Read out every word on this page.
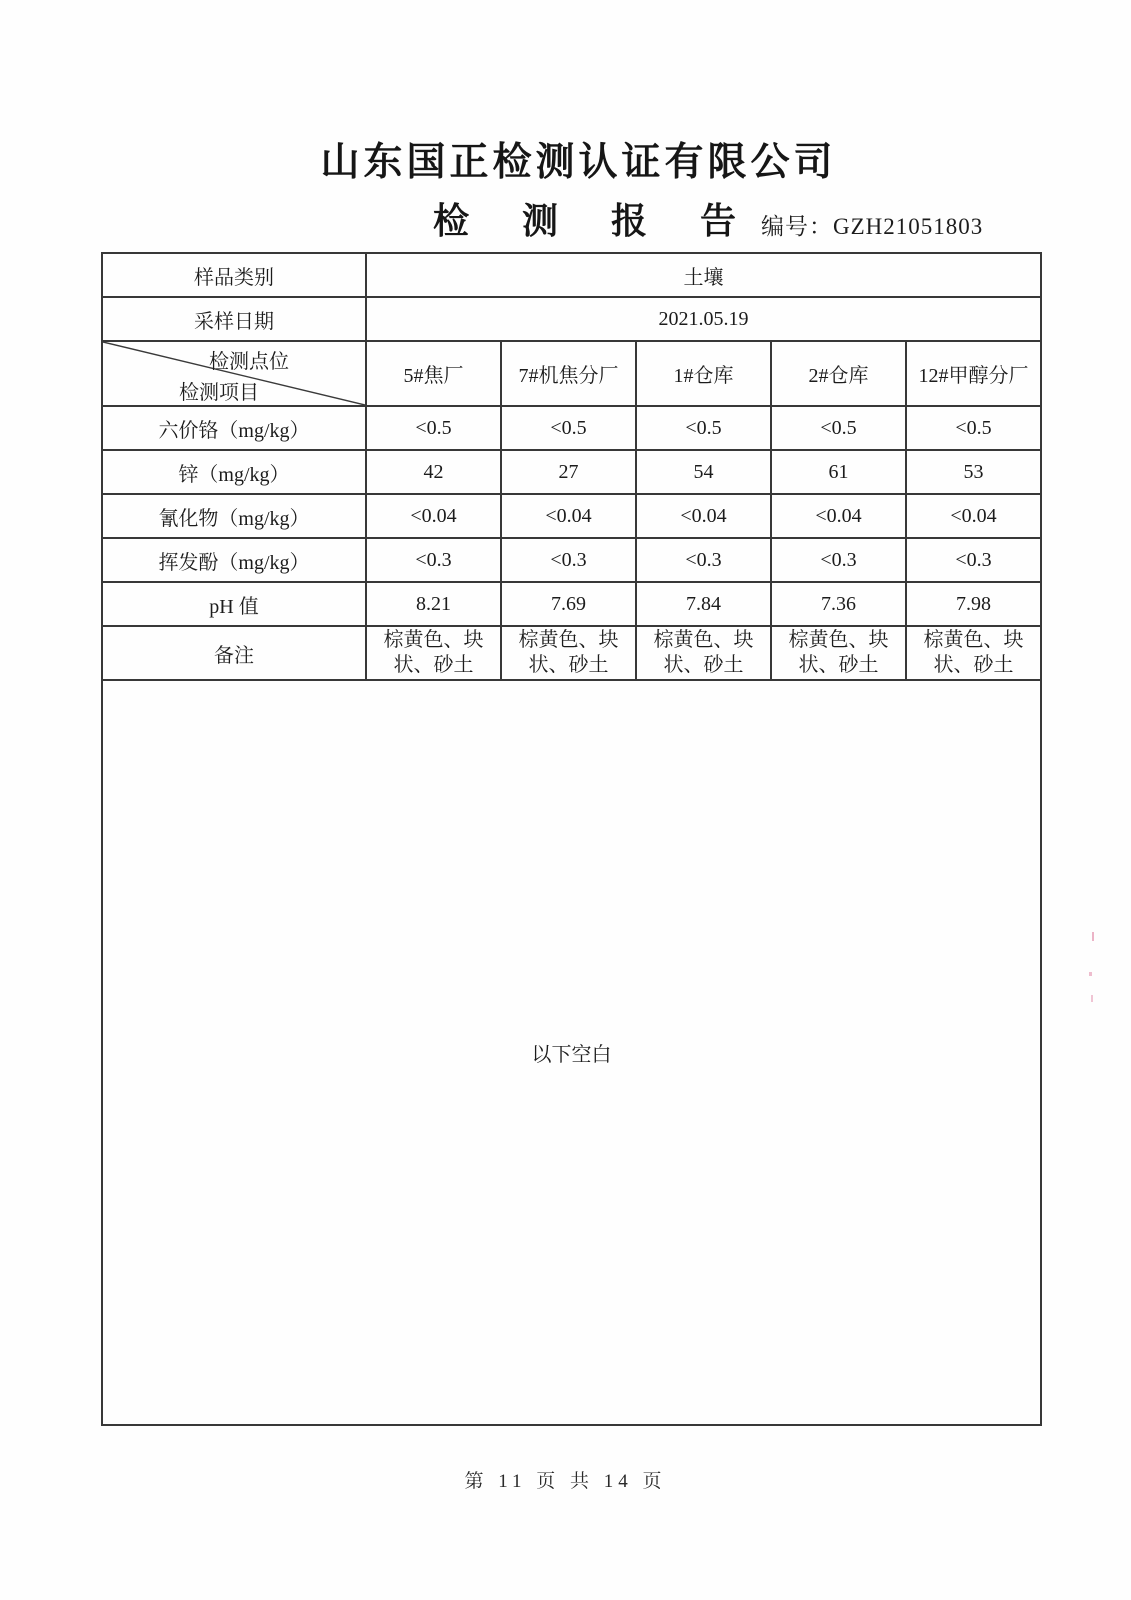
山东国正检测认证有限公司
检 测 报 告 编号：GZH21051803
样品类别	土壤				
采样日期	2021.05.19				

检测点位
检测项目	5#焦厂	7#机焦分厂	1#仓库	2#仓库	12#甲醇分厂
六价铬（mg/kg）	<0.5	<0.5	<0.5	<0.5	<0.5
锌（mg/kg）	42	27	54	61	53
氰化物（mg/kg）	<0.04	<0.04	<0.04	<0.04	<0.04
挥发酚（mg/kg）	<0.3	<0.3	<0.3	<0.3	<0.3
pH 值	8.21	7.69	7.84	7.36	7.98
备注	棕黄色、块状、砂土	棕黄色、块状、砂土	棕黄色、块状、砂土	棕黄色、块状、砂土	棕黄色、块状、砂土
以下空白					
第 11 页 共 14 页
